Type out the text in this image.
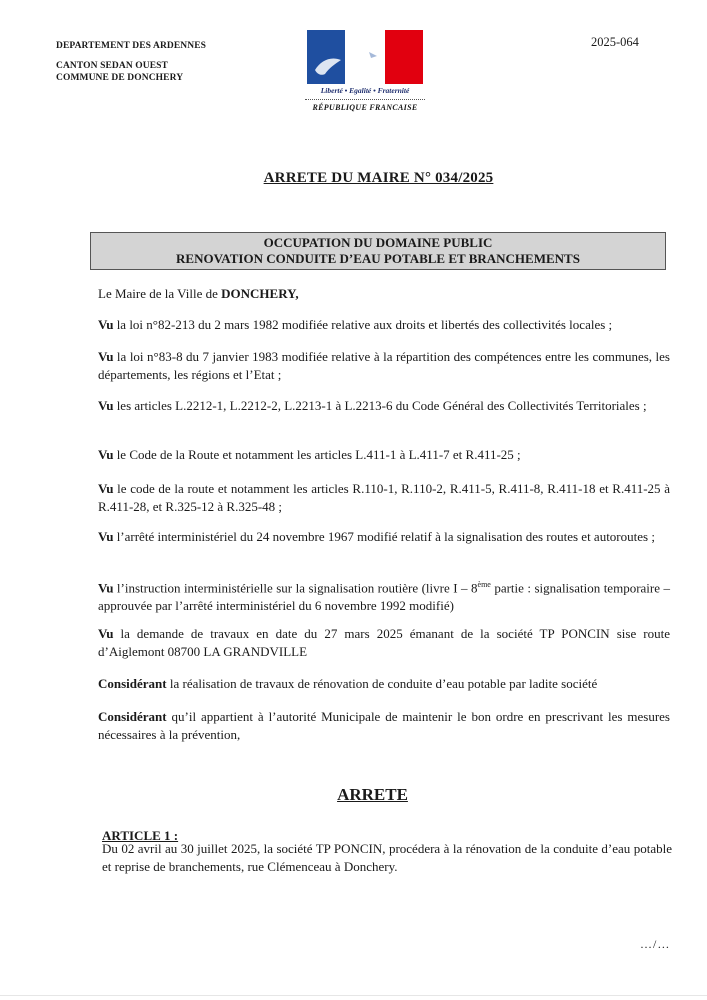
DEPARTEMENT DES ARDENNES
CANTON SEDAN OUEST
COMMUNE DE DONCHERY
2025-064
Liberté • Egalité • Fraternité
RÉPUBLIQUE FRANCAISE
ARRETE DU MAIRE N° 034/2025
OCCUPATION DU DOMAINE PUBLIC
RENOVATION CONDUITE D’EAU POTABLE ET BRANCHEMENTS
Le Maire de la Ville de DONCHERY,
Vu la loi n°82-213 du 2 mars 1982 modifiée relative aux droits et libertés des collectivités locales ;
Vu la loi n°83-8 du 7 janvier 1983 modifiée relative à la répartition des compétences entre les communes, les départements, les régions et l’Etat ;
Vu les articles L.2212-1, L.2212-2, L.2213-1 à L.2213-6 du Code Général des Collectivités Territoriales ;
Vu le Code de la Route et notamment les articles L.411-1 à L.411-7 et R.411-25 ;
Vu le code de la route et notamment les articles R.110-1, R.110-2, R.411-5, R.411-8, R.411-18 et R.411-25 à R.411-28, et R.325-12 à R.325-48 ;
Vu l’arrêté interministériel du 24 novembre 1967 modifié relatif à la signalisation des routes et autoroutes ;
Vu l’instruction interministérielle sur la signalisation routière (livre I – 8ème partie : signalisation temporaire – approuvée par l’arrêté interministériel du 6 novembre 1992 modifié)
Vu la demande de travaux en date du 27 mars 2025 émanant de la société TP PONCIN sise route d’Aiglemont 08700 LA GRANDVILLE
Considérant la réalisation de travaux de rénovation de conduite d’eau potable par ladite société
Considérant qu’il appartient à l’autorité Municipale de maintenir le bon ordre en prescrivant les mesures nécessaires à la prévention,
ARRETE
ARTICLE 1 :
Du 02 avril au 30 juillet 2025, la société TP PONCIN, procédera à la rénovation de la conduite d’eau potable et reprise de branchements, rue Clémenceau à Donchery.
…/…
